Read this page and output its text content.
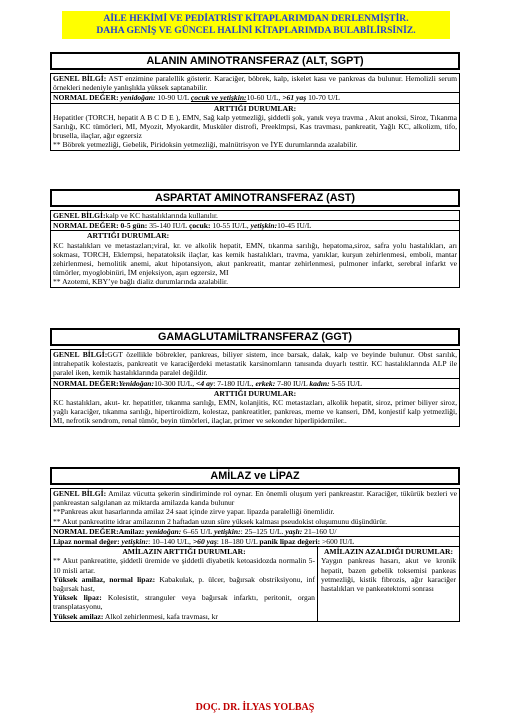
AİLE HEKİMİ VE PEDİATRİST KİTAPLARIMDAN DERLENMİŞTİR.
DAHA GENİŞ VE GÜNCEL HALİNİ KİTAPLARIMDA BULABİLİRSİNİZ.
ALANIN AMINOTRANSFERAZ (ALT, SGPT)
GENEL BİLGİ: AST enzimine paralellik gösterir. Karaciğer, böbrek, kalp, iskelet kası ve pankreas da bulunur. Hemolizli serum örnekleri nedeniyle yanlışlıkla yüksek saptanabilir.
NORMAL DEĞER: yenidoğan: 10-90 U/L çocuk ve yetişkin:10-60 U/L, >61 yaş 10-70 U/L
ARTTIĞI DURUMLAR:
Hepatitler (TORCH, hepatit A B C D E ), EMN, Sağ kalp yetmezliği, şiddetli şok, yanık veya travma , Akut anoksi, Siroz, Tıkanma Sarılığı, KC tümörleri, MI, Myozit, Myokardit, Musküler distrofi, Preeklmpsi, Kas travması, pankreatit, Yağlı KC, alkolizm, tifo, brusella, ilaçlar, ağır egzersiz
** Böbrek yetmezliği, Gebelik, Piridoksin yetmezliği, malnütrisyon ve İYE durumlarında azalabilir.
ASPARTAT AMINOTRANSFERAZ (AST)
GENEL BİLGİ:kalp ve KC hastalıklarında kullanılır.
NORMAL DEĞER: 0-5 gün: 35-140 IU/L çocuk: 10-55 IU/L, yetişkin:10-45 IU/L
ARTTIĞI DURUMLAR:
KC hastalıkları ve metastazları;viral, kr. ve alkolik hepatit, EMN, tıkanma sarılığı, hepatoma,siroz, safra yolu hastalıkları, arı sokması, TORCH, Eklempsi, hepatatoksik ilaçlar, kas kemik hastalıkları, travma, yanıklar, kurşun zehirlenmesi, emboli, mantar zehirlenmesi, hemolitik anemi, akut hipotansiyon, akut pankreatit, mantar zehirlenmesi, pulmoner infarkt, serebral infarkt ve tümörler, myoglobinüri, İM enjeksiyon, aşırı egzersiz, MI
** Azotemi, KBY’ye bağlı dializ durumlarında azalabilir.
GAMAGLUTAMİLTRANSFERAZ (GGT)
GENEL BİLGİ:GGT özellikle böbrekler, pankreas, biliyer sistem, ince barsak, dalak, kalp ve beyinde bulunur. Obst sarılık, intrahepatik kolestazis, pankreatit ve karaciğerdeki metastatik karsinomların tanısında duyarlı testtir. KC hastalıklarında ALP ile paralel iken, kemik hastalıklarında paralel değildir.
NORMAL DEĞER:Yenidoğan:10-300 IU/L, <4 ay: 7-180 IU/L, erkek: 7-80 IU/L kadın: 5-55 IU/L
ARTTIĞI DURUMLAR:
KC hastalıkları, akut- kr. hepatitler, tıkanma sarılığı, EMN, kolanjitis, KC metastazları, alkolik hepatit, siroz, primer biliyer siroz, yağlı karaciğer, tıkanma sarılığı, hipertiroidizm, kolestaz, pankreatitler, pankreas, meme ve kanseri, DM, konjestif kalp yetmezliği, MI, nefrotik sendrom, renal tümör, beyin tümörleri, ilaçlar, primer ve sekonder hiperlipidemiler..
AMİLAZ ve LİPAZ
GENEL BİLGİ: Amilaz vücutta şekerin sindiriminde rol oynar. En önemli oluşum yeri pankreastır. Karaciğer, tükürük bezleri ve pankreastan salgılanan az miktarda amilazda kanda bulunur
**Pankreas akut hasarlarında amilaz 24 saat içinde zirve yapar. lipazda paralelliği önemlidir.
** Akut pankreatitte idrar amilazının 2 haftadan uzun süre yüksek kalması pseudokist oluşumunu düşündürür.
NORMAL DEĞER:Amilaz: yenidoğan: 6–65 U/L yetişkin:: 25–125 U/L. yaşlı: 21–160 U/
Lipaz normal değer: yetişkin:: 10–140 U/L, >60 yaş: 18–180 U/L panik lipaz değeri: >600 IU/L
AMİLAZIN ARTTIĞI DURUMLAR:
** Akut pankreatitte, şiddetli üremide ve şiddetli diyabetik ketoasidozda normalin 5-10 misli artar.
Yüksek amilaz, normal lipaz: Kabakulak, p. ülcer, bağırsak obstriksiyonu, inf bağırsak hast,
Yüksek lipaz: Kolesistit, stranguler veya bağırsak infarktı, peritonit, organ transplatasyonu,
Yüksek amilaz: Alkol zehirlenmesi, kafa travması, kr
AMİLAZIN AZALDIĞI DURUMLAR:
Yaygın pankreas hasarı, akut ve kronik hepatit, bazen gebelik toksemisi pankeas yetmezliği, kistik fibrozis, ağır karaciğer hastalıkları ve pankeatektomi sonrası
DOÇ. DR. İLYAS YOLBAŞ
